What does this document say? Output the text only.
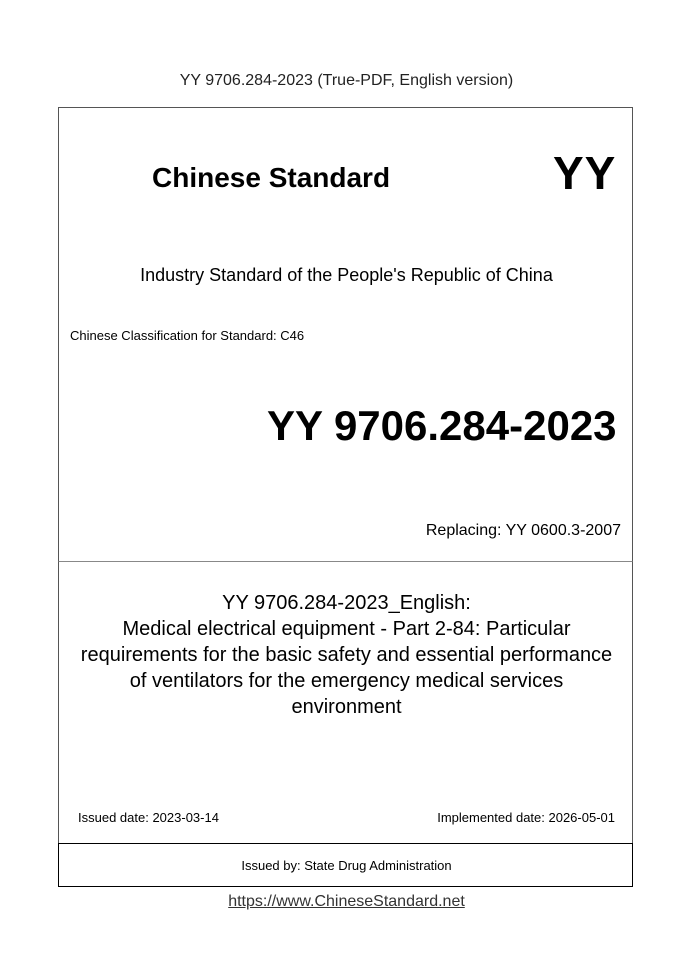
YY 9706.284-2023 (True-PDF, English version)
Chinese Standard	YY
Industry Standard of the People's Republic of China
Chinese Classification for Standard: C46
YY 9706.284-2023
Replacing: YY 0600.3-2007
YY 9706.284-2023_English:
Medical electrical equipment - Part 2-84: Particular
requirements for the basic safety and essential performance
of ventilators for the emergency medical services
environment
Issued date: 2023-03-14	Implemented date: 2026-05-01
Issued by: State Drug Administration
https://www.ChineseStandard.net
